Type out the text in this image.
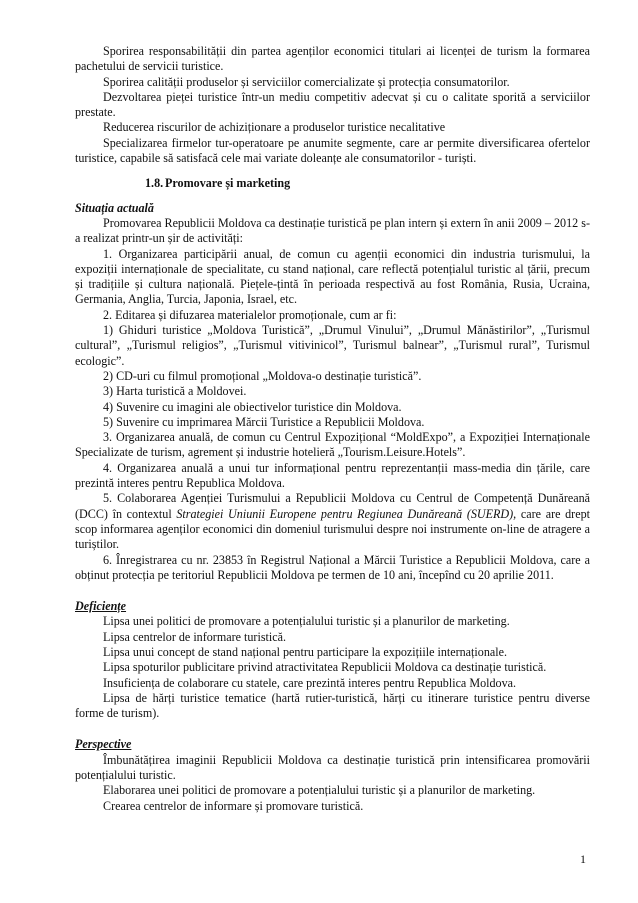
Sporirea responsabilității din partea agenților economici titulari ai licenței de turism la formarea pachetului de servicii turistice.

Sporirea calității produselor și serviciilor comercializate și protecția consumatorilor.

Dezvoltarea pieței turistice într-un mediu competitiv adecvat și cu o calitate sporită a serviciilor prestate.

Reducerea riscurilor de achiziționare a produselor turistice necalitative

Specializarea firmelor tur-operatoare pe anumite segmente, care ar permite diversificarea ofertelor turistice, capabile să satisfacă cele mai variate doleanțe ale consumatorilor - turiști.

1.8. Promovare și marketing

Situația actuală

Promovarea Republicii Moldova ca destinație turistică pe plan intern și extern în anii 2009 – 2012 s-a realizat printr-un șir de activități:

1. Organizarea participării anual, de comun cu agenții economici din industria turismului, la expoziții internaționale de specialitate, cu stand național, care reflectă potențialul turistic al țării, precum și tradițiile și cultura națională. Piețele-țintă în perioada respectivă au fost România, Rusia, Ucraina, Germania, Anglia, Turcia, Japonia, Israel, etc.

2. Editarea și difuzarea materialelor promoționale, cum ar fi:

1) Ghiduri turistice „Moldova Turistică”, „Drumul Vinului”, „Drumul Mănăstirilor”, „Turismul cultural”, „Turismul religios”, „Turismul vitivinicol”, Turismul balnear”, „Turismul rural”, Turismul ecologic”.

2) CD-uri cu filmul promoțional „Moldova-o destinație turistică”.

3) Harta turistică a Moldovei.

4) Suvenire cu imagini ale obiectivelor turistice din Moldova.

5) Suvenire cu imprimarea Mărcii Turistice a Republicii Moldova.

3. Organizarea anuală, de comun cu Centrul Expozițional “MoldExpo”, a Expoziției Internaționale Specializate de turism, agrement și industrie hotelieră „Tourism.Leisure.Hotels”.

4. Organizarea anuală a unui tur informațional pentru reprezentanții mass-media din țările, care prezintă interes pentru Republica Moldova.

5. Colaborarea Agenției Turismului a Republicii Moldova cu Centrul de Competență Dunăreană (DCC) în contextul Strategiei Uniunii Europene pentru Regiunea Dunăreană (SUERD), care are drept scop informarea agenților economici din domeniul turismului despre noi instrumente on-line de atragere a turiștilor.

6. Înregistrarea cu nr. 23853 în Registrul Național a Mărcii Turistice a Republicii Moldova, care a obținut protecția pe teritoriul Republicii Moldova pe termen de 10 ani, începînd cu 20 aprilie 2011.

Deficiențe

Lipsa unei politici de promovare a potențialului turistic și a planurilor de marketing.

Lipsa centrelor de informare turistică.

Lipsa unui concept de stand național pentru participare la expozițiile internaționale.

Lipsa spoturilor publicitare privind atractivitatea Republicii Moldova ca destinație turistică.

Insuficiența de colaborare cu statele, care prezintă interes pentru Republica Moldova.

Lipsa de hărți turistice tematice (hartă rutier-turistică, hărți cu itinerare turistice pentru diverse forme de turism).

Perspective

Îmbunătățirea imaginii Republicii Moldova ca destinație turistică prin intensificarea promovării potențialului turistic.

Elaborarea unei politici de promovare a potențialului turistic și a planurilor de marketing.

Crearea centrelor de informare și promovare turistică.

1
